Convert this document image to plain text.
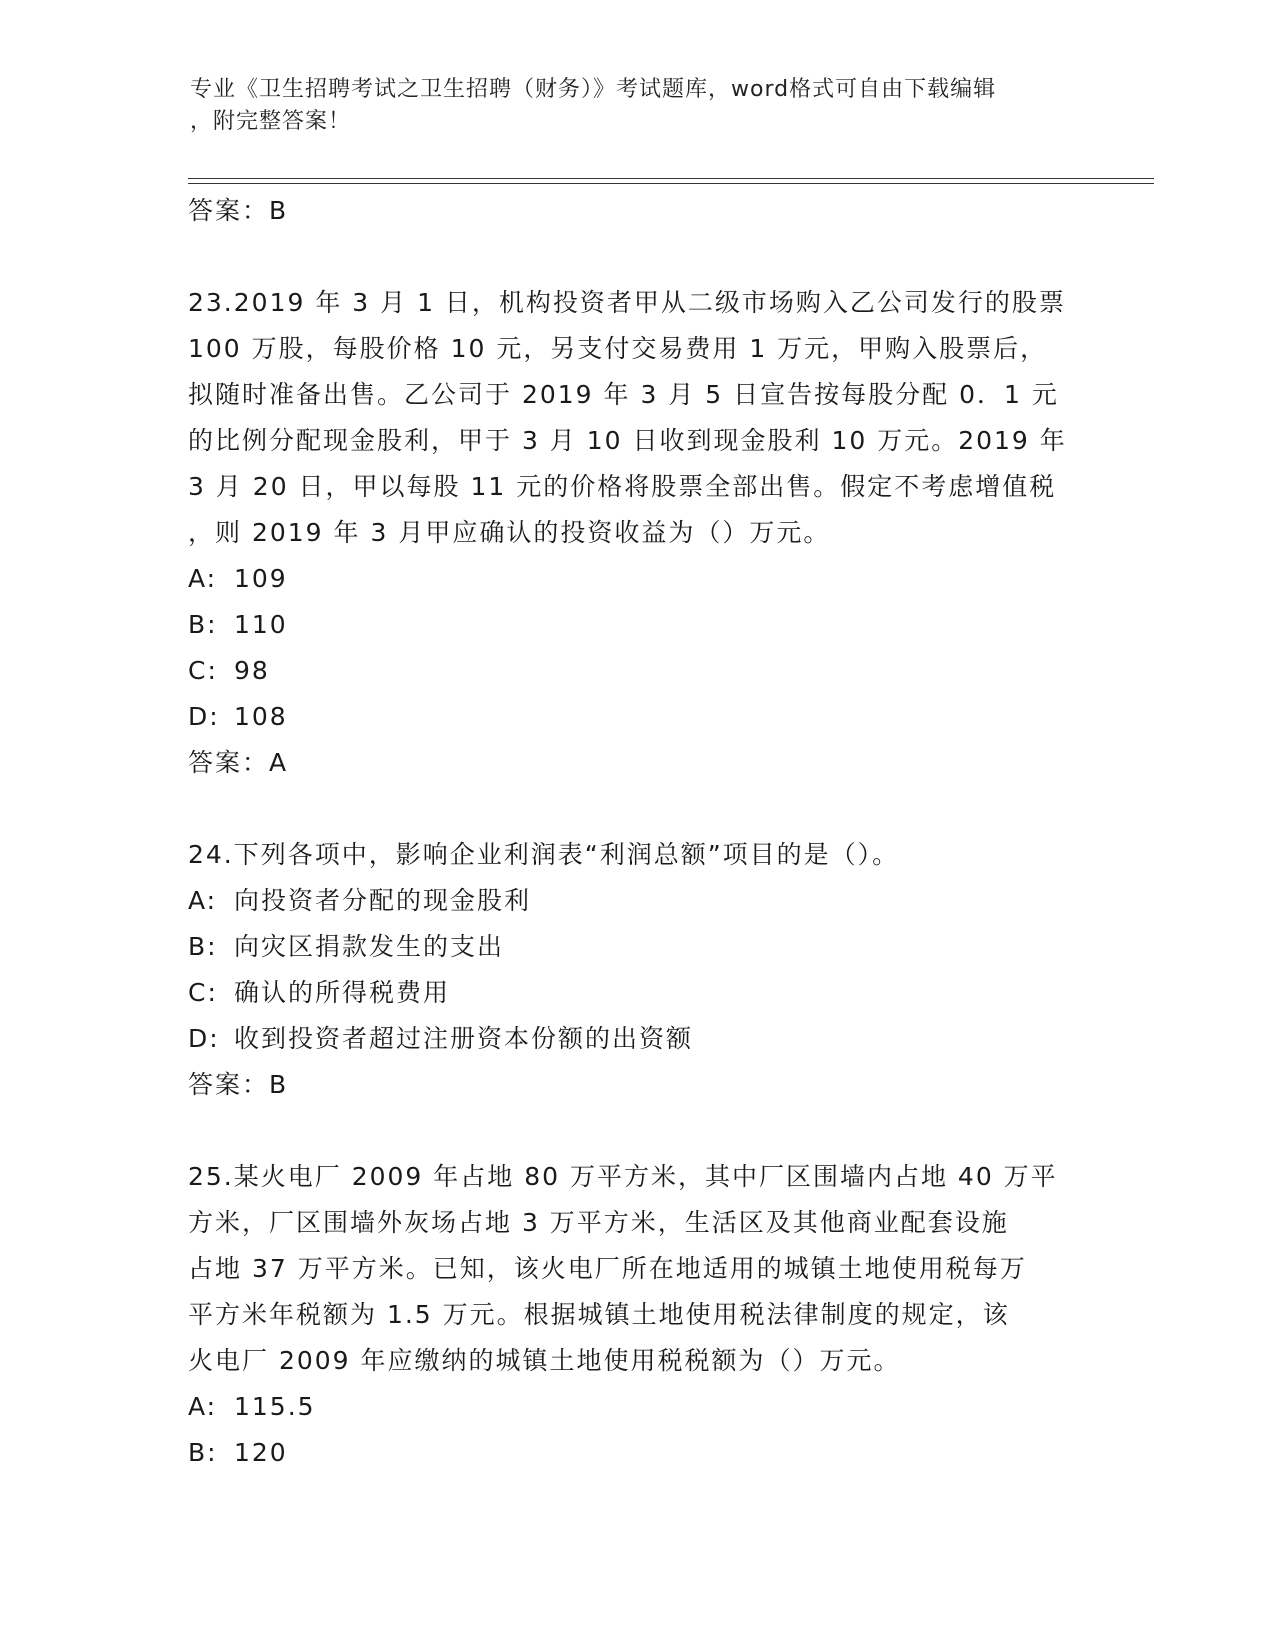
专业《卫生招聘考试之卫生招聘（财务）》考试题库，word格式可自由下载编辑
，附完整答案！
答案：B
23.2019 年 3 月 1 日，机构投资者甲从二级市场购入乙公司发行的股票
100 万股，每股价格 10 元，另支付交易费用 1 万元，甲购入股票后，
拟随时准备出售。乙公司于 2019 年 3 月 5 日宣告按每股分配 0．1 元
的比例分配现金股利，甲于 3 月 10 日收到现金股利 10 万元。2019 年
3 月 20 日，甲以每股 11 元的价格将股票全部出售。假定不考虑增值税
，则 2019 年 3 月甲应确认的投资收益为（）万元。
A: 109
B: 110
C: 98
D: 108
答案：A
24.下列各项中，影响企业利润表“利润总额”项目的是（）。
A: 向投资者分配的现金股利
B: 向灾区捐款发生的支出
C: 确认的所得税费用
D: 收到投资者超过注册资本份额的出资额
答案：B
25.某火电厂 2009 年占地 80 万平方米，其中厂区围墙内占地 40 万平
方米，厂区围墙外灰场占地 3 万平方米，生活区及其他商业配套设施
占地 37 万平方米。已知，该火电厂所在地适用的城镇土地使用税每万
平方米年税额为 1.5 万元。根据城镇土地使用税法律制度的规定，该
火电厂 2009 年应缴纳的城镇土地使用税税额为（）万元。
A: 115.5
B: 120
